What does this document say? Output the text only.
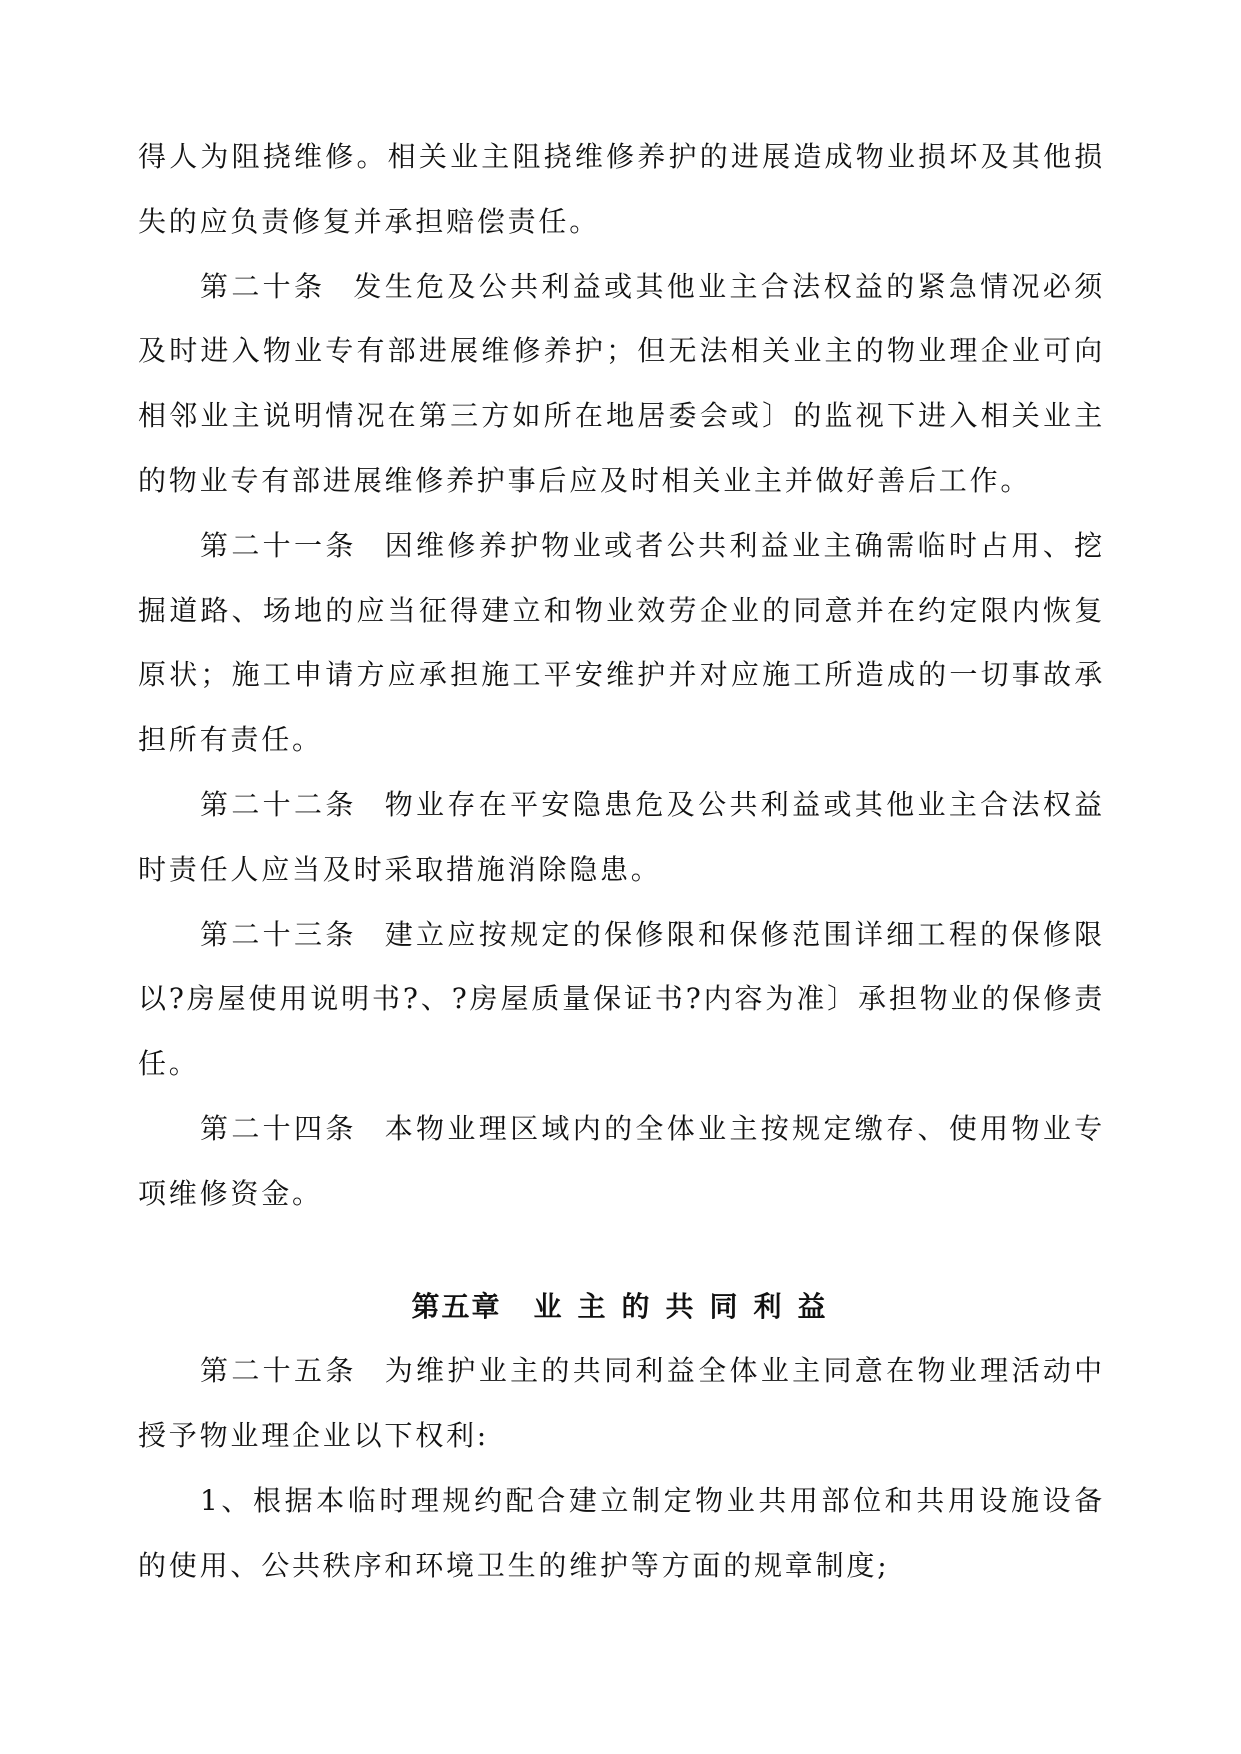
得人为阻挠维修。相关业主阻挠维修养护的进展造成物业损坏及其他损失的应负责修复并承担赔偿责任。

第二十条 发生危及公共利益或其他业主合法权益的紧急情况必须及时进入物业专有部进展维修养护；但无法相关业主的物业理企业可向相邻业主说明情况在第三方如所在地居委会或〕的监视下进入相关业主的物业专有部进展维修养护事后应及时相关业主并做好善后工作。

第二十一条 因维修养护物业或者公共利益业主确需临时占用、挖掘道路、场地的应当征得建立和物业效劳企业的同意并在约定限内恢复原状；施工申请方应承担施工平安维护并对应施工所造成的一切事故承担所有责任。

第二十二条 物业存在平安隐患危及公共利益或其他业主合法权益时责任人应当及时采取措施消除隐患。

第二十三条 建立应按规定的保修限和保修范围详细工程的保修限以?房屋使用说明书?、?房屋质量保证书?内容为准〕承担物业的保修责任。

第二十四条 本物业理区域内的全体业主按规定缴存、使用物业专项维修资金。

第五章 业主的共同利益

第二十五条 为维护业主的共同利益全体业主同意在物业理活动中授予物业理企业以下权利:

1、根据本临时理规约配合建立制定物业共用部位和共用设施设备的使用、公共秩序和环境卫生的维护等方面的规章制度;
